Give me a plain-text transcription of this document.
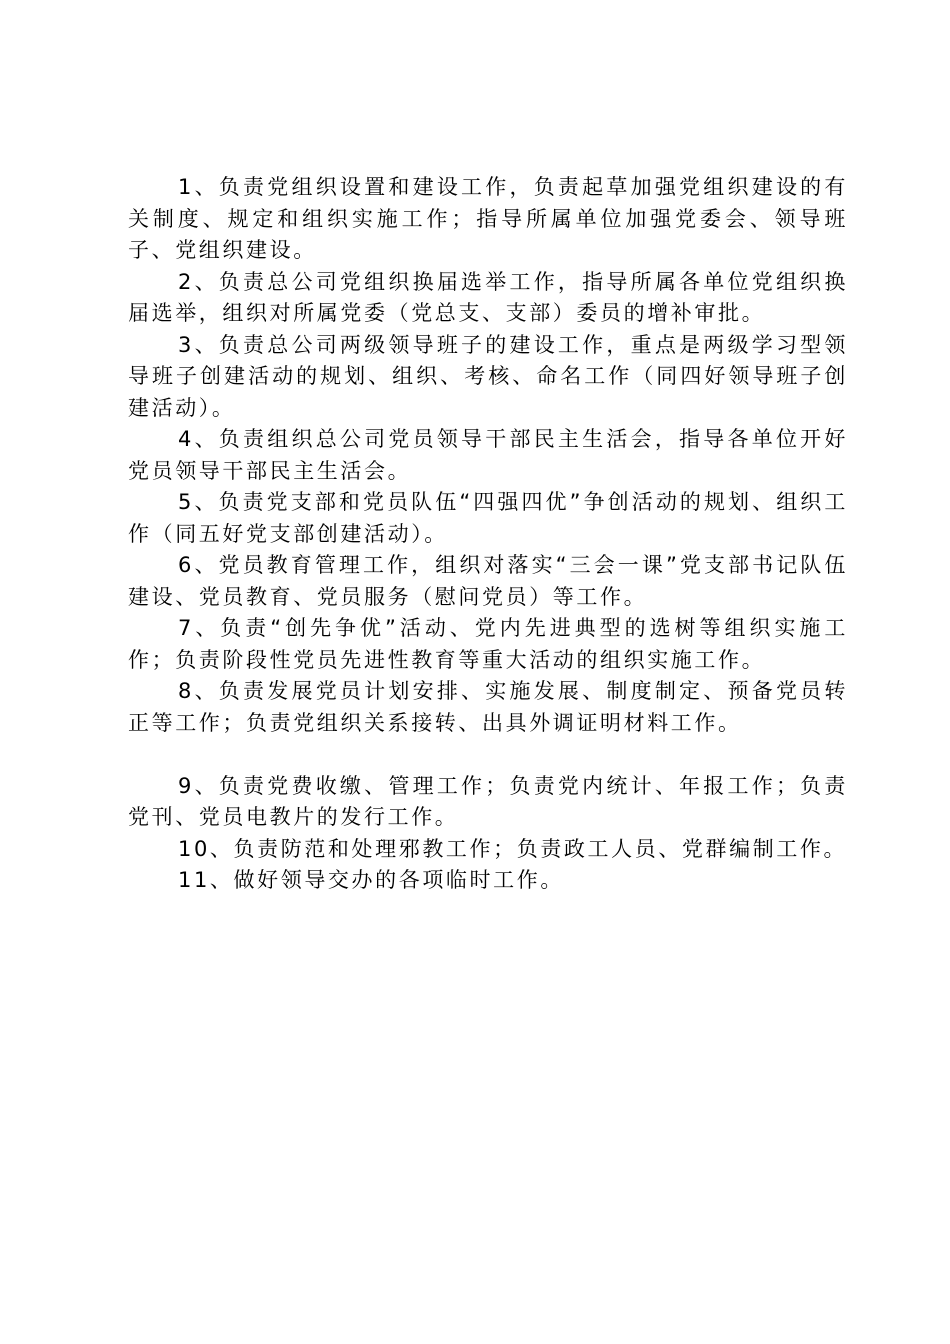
1、负责党组织设置和建设工作，负责起草加强党组织建设的有关制度、规定和组织实施工作；指导所属单位加强党委会、领导班子、党组织建设。

2、负责总公司党组织换届选举工作，指导所属各单位党组织换届选举，组织对所属党委（党总支、支部）委员的增补审批。

3、负责总公司两级领导班子的建设工作，重点是两级学习型领导班子创建活动的规划、组织、考核、命名工作（同四好领导班子创建活动）。

4、负责组织总公司党员领导干部民主生活会，指导各单位开好党员领导干部民主生活会。

5、负责党支部和党员队伍“四强四优”争创活动的规划、组织工作（同五好党支部创建活动）。

6、党员教育管理工作，组织对落实“三会一课”党支部书记队伍建设、党员教育、党员服务（慰问党员）等工作。

7、负责“创先争优”活动、党内先进典型的选树等组织实施工作；负责阶段性党员先进性教育等重大活动的组织实施工作。

8、负责发展党员计划安排、实施发展、制度制定、预备党员转正等工作；负责党组织关系接转、出具外调证明材料工作。

9、负责党费收缴、管理工作；负责党内统计、年报工作；负责党刊、党员电教片的发行工作。

10、负责防范和处理邪教工作；负责政工人员、党群编制工作。

11、做好领导交办的各项临时工作。
